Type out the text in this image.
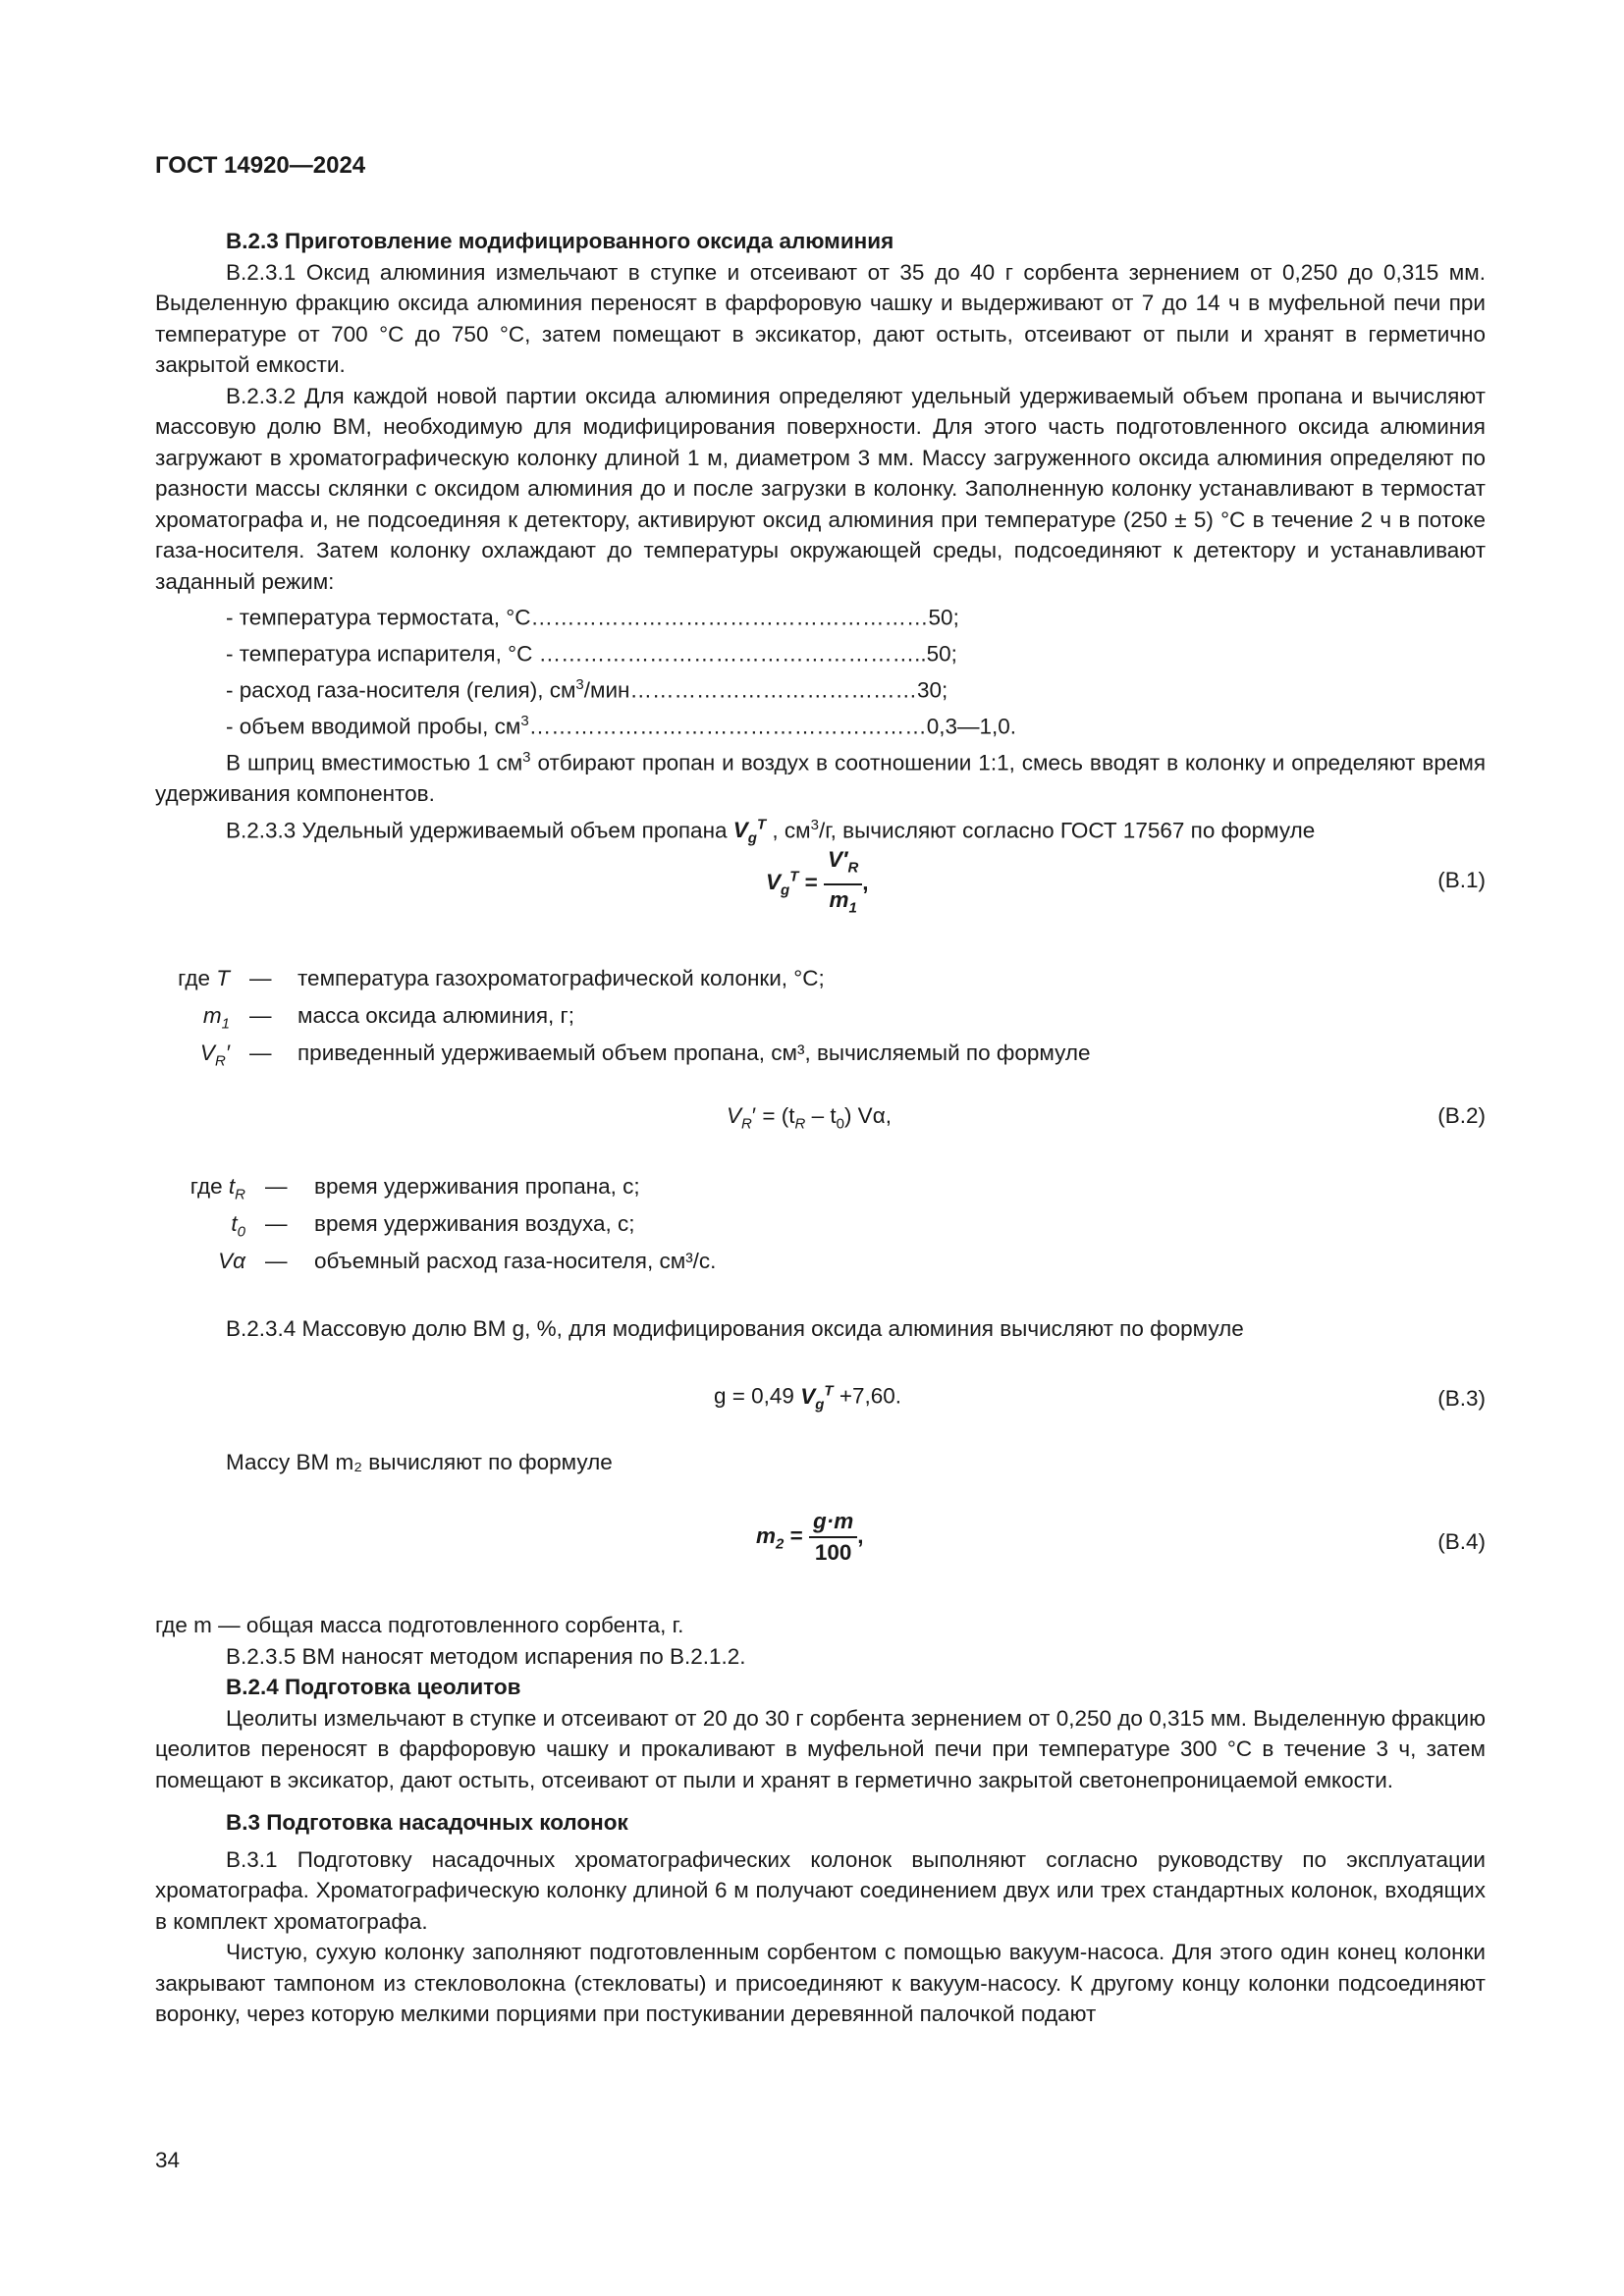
ГОСТ 14920—2024
В.2.3 Приготовление модифицированного оксида алюминия

В.2.3.1 Оксид алюминия измельчают в ступке и отсеивают от 35 до 40 г сорбента зернением от 0,250 до 0,315 мм. Выделенную фракцию оксида алюминия переносят в фарфоровую чашку и выдерживают от 7 до 14 ч в муфельной печи при температуре от 700 °С до 750 °С, затем помещают в эксикатор, дают остыть, отсеивают от пыли и хранят в герметично закрытой емкости.

В.2.3.2 Для каждой новой партии оксида алюминия определяют удельный удерживаемый объем пропана и вычисляют массовую долю ВМ, необходимую для модифицирования поверхности. Для этого часть подготовленного оксида алюминия загружают в хроматографическую колонку длиной 1 м, диаметром 3 мм. Массу загруженного оксида алюминия определяют по разности массы склянки с оксидом алюминия до и после загрузки в колонку. Заполненную колонку устанавливают в термостат хроматографа и, не подсоединяя к детектору, активируют оксид алюминия при температуре (250 ± 5) °С в течение 2 ч в потоке газа-носителя. Затем колонку охлаждают до температуры окружающей среды, подсоединяют к детектору и устанавливают заданный режим:

- температура термостата, °С………………………………………………50;
- температура испарителя, °С ……………………………………………..50;
- расход газа-носителя (гелия), $см^3/мин\dots\dots\dots\dots\dots\dots\dots\dots\dots\dots\dots\dots\dots 30$;
- объем вводимой пробы, $см^3\dots\dots\dots\dots\dots\dots\dots\dots\dots\dots\dots\dots\dots\dots\dots\dots\dots\dots 0,3—1,0$.

В шприц вместимостью 1 $см^3$ отбирают пропан и воздух в соотношении 1:1, смесь вводят в колонку и определяют время удерживания компонентов.

В.2.3.3 Удельный удерживаемый объем пропана $V_g^T$ , $см^3/г$, вычисляют согласно ГОСТ 17567 по формуле

$V_g^T = \frac{V'_R}{m_1}$ ,	(В.1)
где T — температура газохроматографической колонки, °С;
$m_1$ — масса оксида алюминия, г;
$V_R'$ — приведенный удерживаемый объем пропана, см³, вычисляемый по формуле
$V_R' = (t_R - t_0)$ Vα,	(В.2)
где $t_R$ — время удерживания пропана, с;
$t_0$ — время удерживания воздуха, с;
Vα — объемный расход газа-носителя, см³/с.

В.2.3.4 Массовую долю ВМ g, %, для модифицирования оксида алюминия вычисляют по формуле

g = 0,49 $V_g^T +7,60$.	(В.3)

Массу ВМ m₂ вычисляют по формуле

$m_2 = \frac{g\cdot m}{100}$ ,	(В.4)

где m — общая масса подготовленного сорбента, г.

В.2.3.5 ВМ наносят методом испарения по В.2.1.2.

В.2.4 Подготовка цеолитов

Цеолиты измельчают в ступке и отсеивают от 20 до 30 г сорбента зернением от 0,250 до 0,315 мм. Выделенную фракцию цеолитов переносят в фарфоровую чашку и прокаливают в муфельной печи при температуре 300 °С в течение 3 ч, затем помещают в эксикатор, дают остыть, отсеивают от пыли и хранят в герметично закрытой светонепроницаемой емкости.

В.3 Подготовка насадочных колонок

В.3.1 Подготовку насадочных хроматографических колонок выполняют согласно руководству по эксплуатации хроматографа. Хроматографическую колонку длиной 6 м получают соединением двух или трех стандартных колонок, входящих в комплект хроматографа.

Чистую, сухую колонку заполняют подготовленным сорбентом с помощью вакуум-насоса. Для этого один конец колонки закрывают тампоном из стекловолокна (стекловаты) и присоединяют к вакуум-насосу. К другому концу колонки подсоединяют воронку, через которую мелкими порциями при постукивании деревянной палочкой подают

34
